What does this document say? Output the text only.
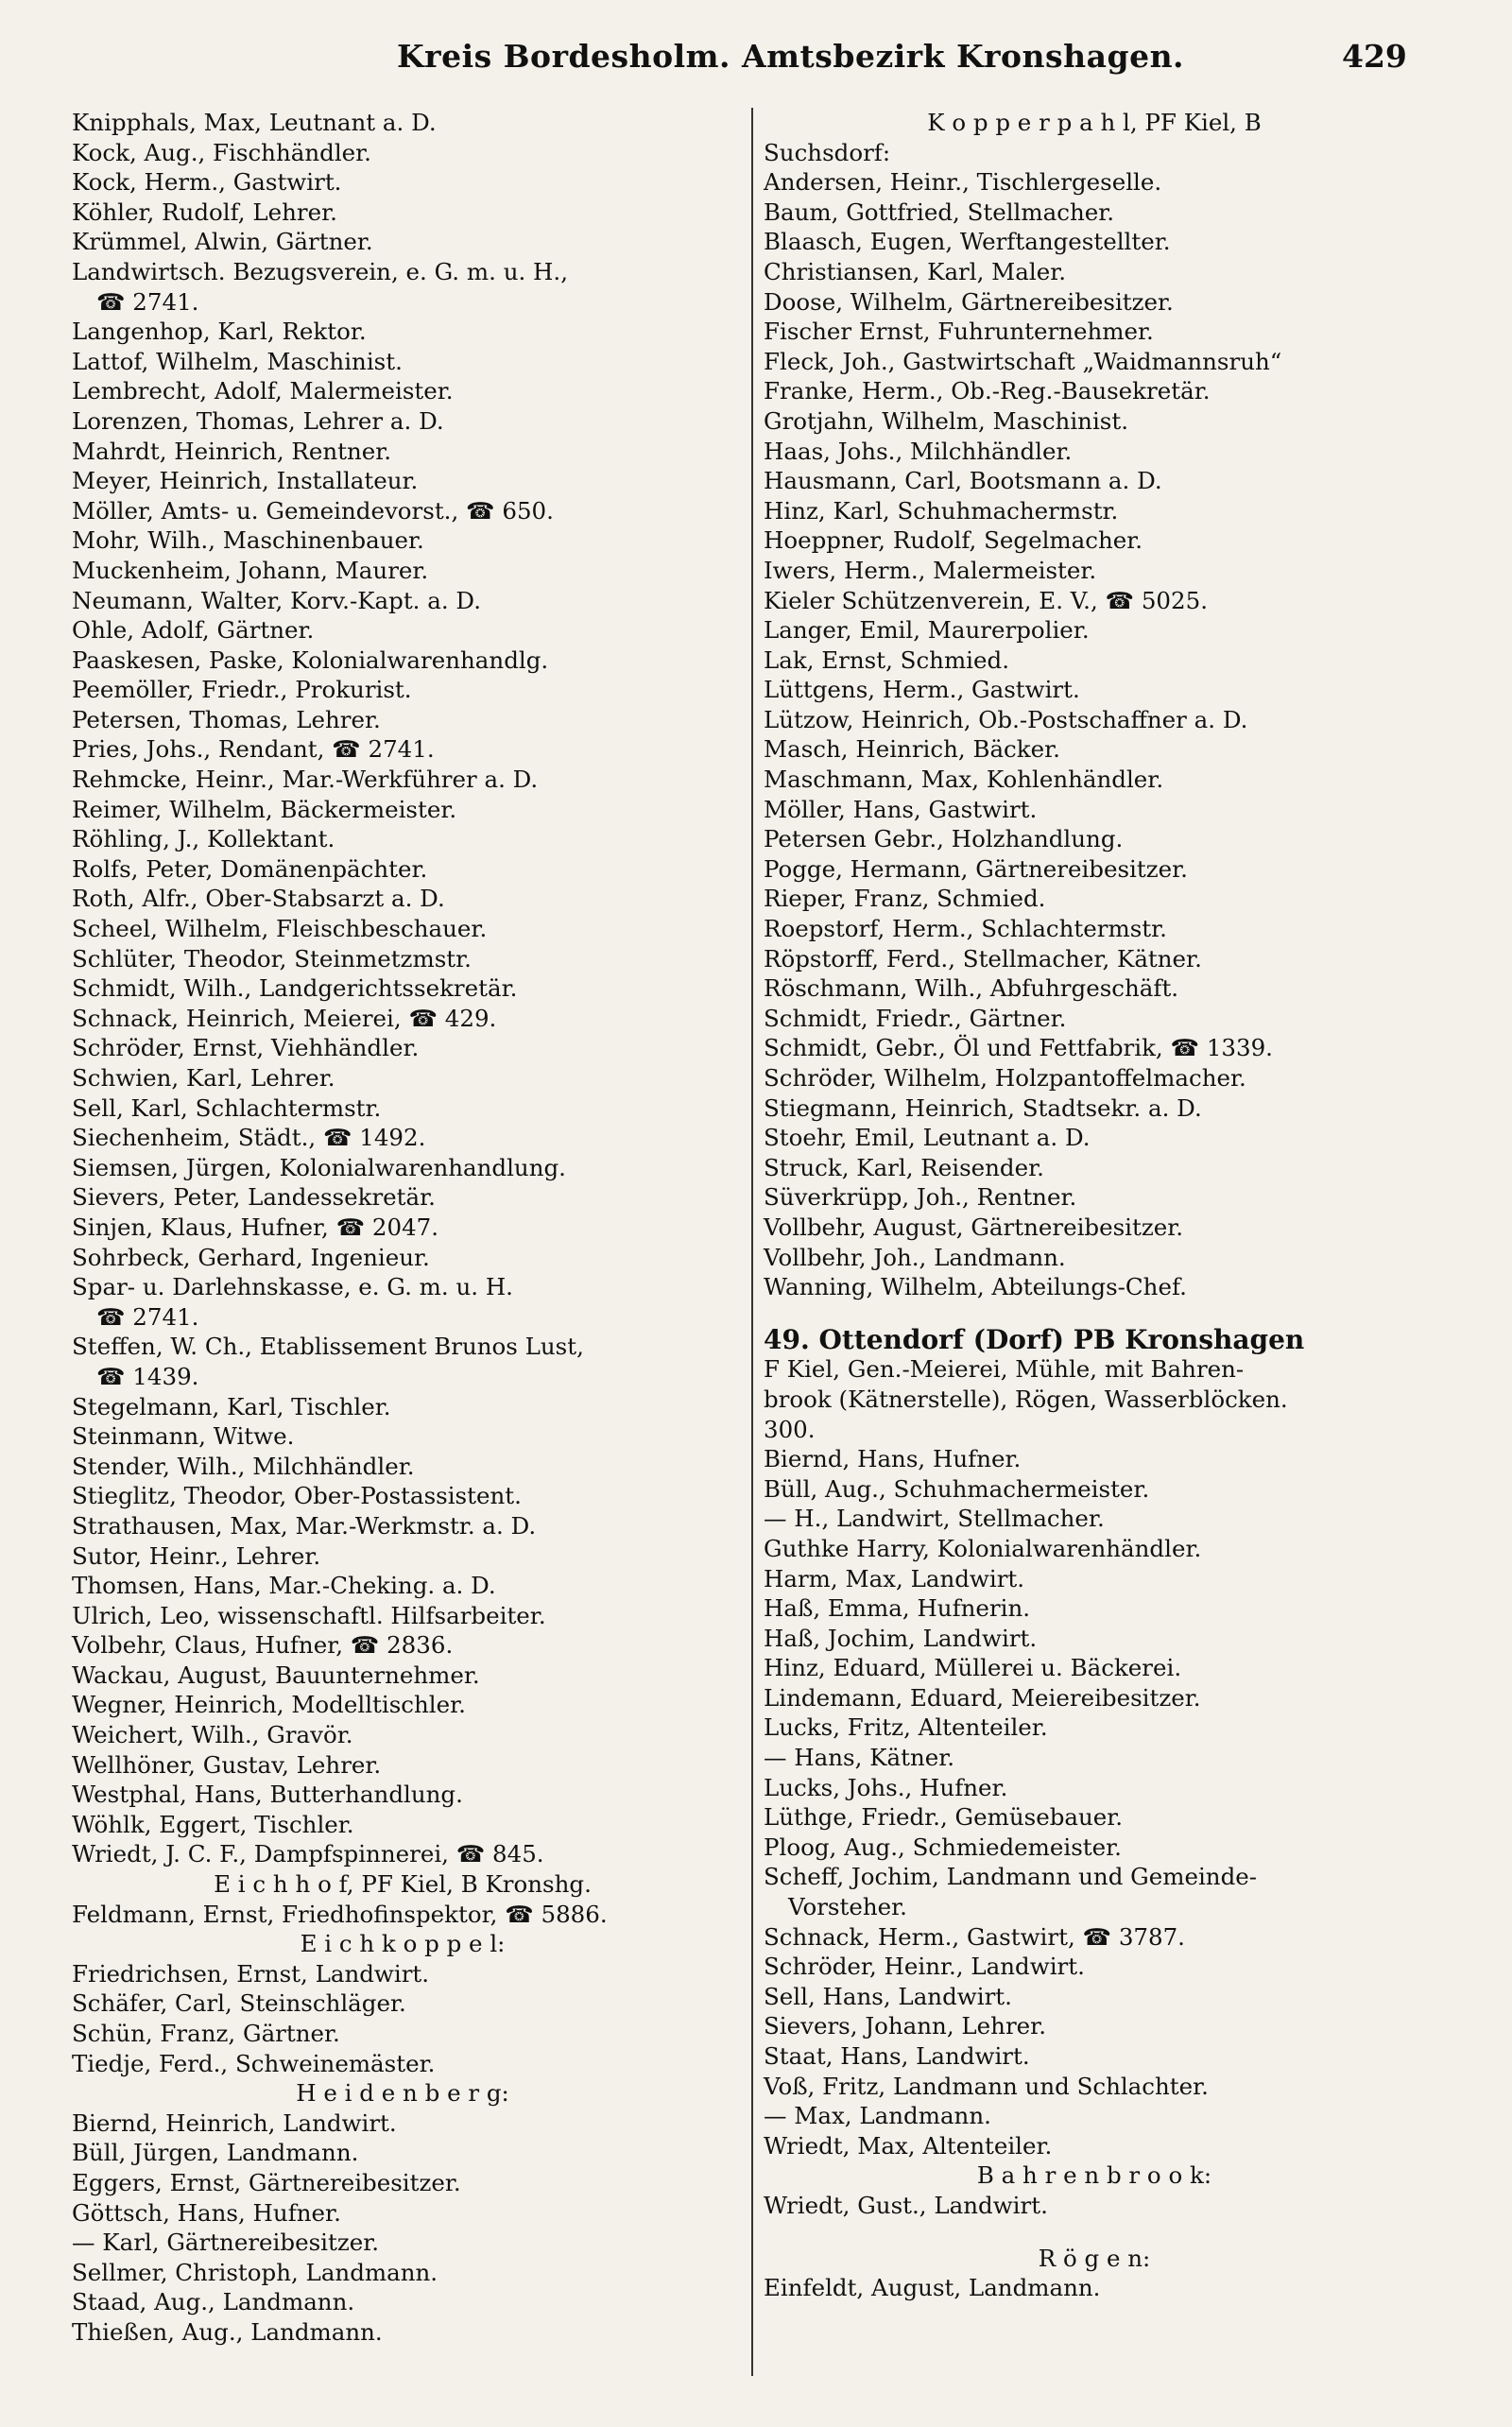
Kreis Bordesholm. Amtsbezirk Kronshagen.	429
Knipphals, Max, Leutnant a. D.
Kock, Aug., Fischhändler.
Kock, Herm., Gastwirt.
Köhler, Rudolf, Lehrer.
Krümmel, Alwin, Gärtner.
Landwirtsch. Bezugsverein, e. G. m. u. H.,
☎ 2741.
Langenhop, Karl, Rektor.
Lattof, Wilhelm, Maschinist.
Lembrecht, Adolf, Malermeister.
Lorenzen, Thomas, Lehrer a. D.
Mahrdt, Heinrich, Rentner.
Meyer, Heinrich, Installateur.
Möller, Amts- u. Gemeindevorst., ☎ 650.
Mohr, Wilh., Maschinenbauer.
Muckenheim, Johann, Maurer.
Neumann, Walter, Korv.-Kapt. a. D.
Ohle, Adolf, Gärtner.
Paaskesen, Paske, Kolonialwarenhandlg.
Peemöller, Friedr., Prokurist.
Petersen, Thomas, Lehrer.
Pries, Johs., Rendant, ☎ 2741.
Rehmcke, Heinr., Mar.-Werkführer a. D.
Reimer, Wilhelm, Bäckermeister.
Röhling, J., Kollektant.
Rolfs, Peter, Domänenpächter.
Roth, Alfr., Ober-Stabsarzt a. D.
Scheel, Wilhelm, Fleischbeschauer.
Schlüter, Theodor, Steinmetzmstr.
Schmidt, Wilh., Landgerichtssekretär.
Schnack, Heinrich, Meierei, ☎ 429.
Schröder, Ernst, Viehhändler.
Schwien, Karl, Lehrer.
Sell, Karl, Schlachtermstr.
Siechenheim, Städt., ☎ 1492.
Siemsen, Jürgen, Kolonialwarenhandlung.
Sievers, Peter, Landessekretär.
Sinjen, Klaus, Hufner, ☎ 2047.
Sohrbeck, Gerhard, Ingenieur.
Spar- u. Darlehnskasse, e. G. m. u. H.
☎ 2741.
Steffen, W. Ch., Etablissement Brunos Lust,
☎ 1439.
Stegelmann, Karl, Tischler.
Steinmann, Witwe.
Stender, Wilh., Milchhändler.
Stieglitz, Theodor, Ober-Postassistent.
Strathausen, Max, Mar.-Werkmstr. a. D.
Sutor, Heinr., Lehrer.
Thomsen, Hans, Mar.-Cheking. a. D.
Ulrich, Leo, wissenschaftl. Hilfsarbeiter.
Volbehr, Claus, Hufner, ☎ 2836.
Wackau, August, Bauunternehmer.
Wegner, Heinrich, Modelltischler.
Weichert, Wilh., Gravör.
Wellhöner, Gustav, Lehrer.
Westphal, Hans, Butterhandlung.
Wöhlk, Eggert, Tischler.
Wriedt, J. C. F., Dampfspinnerei, ☎ 845.
E i c h h o f, PF Kiel, B Kronshg.
Feldmann, Ernst, Friedhofinspektor, ☎ 5886.
E i c h k o p p e l:
Friedrichsen, Ernst, Landwirt.
Schäfer, Carl, Steinschläger.
Schün, Franz, Gärtner.
Tiedje, Ferd., Schweinemäster.
H e i d e n b e r g:
Biernd, Heinrich, Landwirt.
Büll, Jürgen, Landmann.
Eggers, Ernst, Gärtnereibesitzer.
Göttsch, Hans, Hufner.
— Karl, Gärtnereibesitzer.
Sellmer, Christoph, Landmann.
Staad, Aug., Landmann.
Thießen, Aug., Landmann.
K o p p e r p a h l, PF Kiel, B
Suchsdorf:
Andersen, Heinr., Tischlergeselle.
Baum, Gottfried, Stellmacher.
Blaasch, Eugen, Werftangestellter.
Christiansen, Karl, Maler.
Doose, Wilhelm, Gärtnereibesitzer.
Fischer Ernst, Fuhrunternehmer.
Fleck, Joh., Gastwirtschaft „Waidmannsruh“
Franke, Herm., Ob.-Reg.-Bausekretär.
Grotjahn, Wilhelm, Maschinist.
Haas, Johs., Milchhändler.
Hausmann, Carl, Bootsmann a. D.
Hinz, Karl, Schuhmachermstr.
Hoeppner, Rudolf, Segelmacher.
Iwers, Herm., Malermeister.
Kieler Schützenverein, E. V., ☎ 5025.
Langer, Emil, Maurerpolier.
Lak, Ernst, Schmied.
Lüttgens, Herm., Gastwirt.
Lützow, Heinrich, Ob.-Postschaffner a. D.
Masch, Heinrich, Bäcker.
Maschmann, Max, Kohlenhändler.
Möller, Hans, Gastwirt.
Petersen Gebr., Holzhandlung.
Pogge, Hermann, Gärtnereibesitzer.
Rieper, Franz, Schmied.
Roepstorf, Herm., Schlachtermstr.
Röpstorff, Ferd., Stellmacher, Kätner.
Röschmann, Wilh., Abfuhrgeschäft.
Schmidt, Friedr., Gärtner.
Schmidt, Gebr., Öl und Fettfabrik, ☎ 1339.
Schröder, Wilhelm, Holzpantoffelmacher.
Stiegmann, Heinrich, Stadtsekr. a. D.
Stoehr, Emil, Leutnant a. D.
Struck, Karl, Reisender.
Süverkrüpp, Joh., Rentner.
Vollbehr, August, Gärtnereibesitzer.
Vollbehr, Joh., Landmann.
Wanning, Wilhelm, Abteilungs-Chef.
49. Ottendorf (Dorf) PB Kronshagen
F Kiel, Gen.-Meierei, Mühle, mit Bahren-
brook (Kätnerstelle), Rögen, Wasserblöcken.
300.
Biernd, Hans, Hufner.
Büll, Aug., Schuhmachermeister.
— H., Landwirt, Stellmacher.
Guthke Harry, Kolonialwarenhändler.
Harm, Max, Landwirt.
Haß, Emma, Hufnerin.
Haß, Jochim, Landwirt.
Hinz, Eduard, Müllerei u. Bäckerei.
Lindemann, Eduard, Meiereibesitzer.
Lucks, Fritz, Altenteiler.
— Hans, Kätner.
Lucks, Johs., Hufner.
Lüthge, Friedr., Gemüsebauer.
Ploog, Aug., Schmiedemeister.
Scheff, Jochim, Landmann und Gemeinde-
Vorsteher.
Schnack, Herm., Gastwirt, ☎ 3787.
Schröder, Heinr., Landwirt.
Sell, Hans, Landwirt.
Sievers, Johann, Lehrer.
Staat, Hans, Landwirt.
Voß, Fritz, Landmann und Schlachter.
— Max, Landmann.
Wriedt, Max, Altenteiler.
B a h r e n b r o o k:
Wriedt, Gust., Landwirt.
R ö g e n:
Einfeldt, August, Landmann.
